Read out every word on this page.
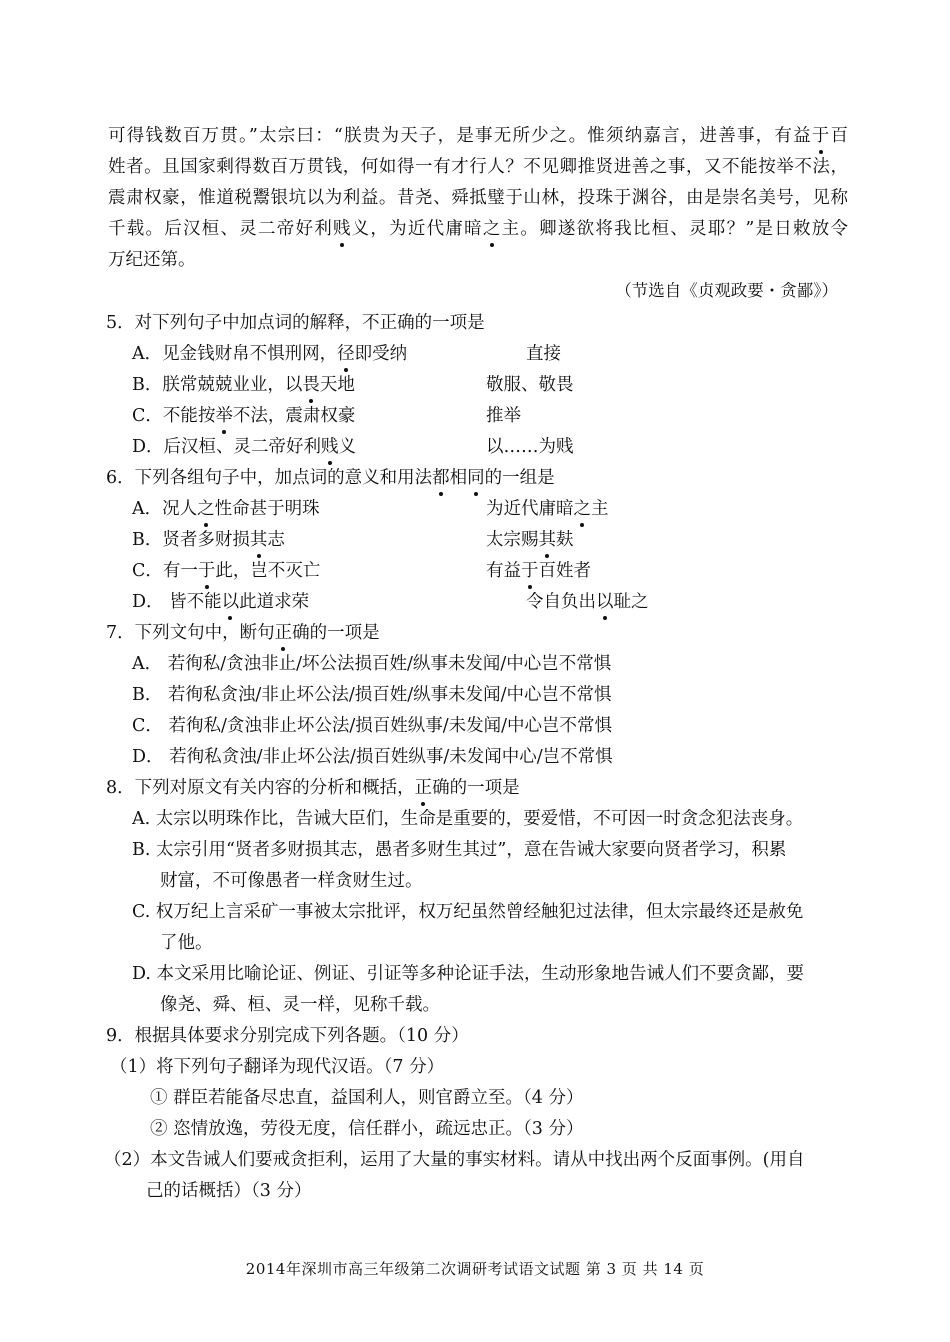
可得钱数百万贯。”太宗曰：“朕贵为天子，是事无所少之。惟须纳嘉言，进善事，有益于百
姓者。且国家剩得数百万贯钱，何如得一有才行人？不见卿推贤进善之事，又不能按举不法，
震肃权豪，惟道税鬻银坑以为利益。昔尧、舜抵璧于山林，投珠于渊谷，由是崇名美号，见称
千载。后汉桓、灵二帝好利贱义，为近代庸暗之主。卿遂欲将我比桓、灵耶？”是日敕放令
万纪还第。
（节选自《贞观政要・贪鄙》）
5．对下列句子中加点词的解释，不正确的一项是
A．见金钱财帛不惧刑网，径即受纳	直接
B．朕常兢兢业业，以畏天地	敬服、敬畏
C．不能按举不法，震肃权豪	推举
D．后汉桓、灵二帝好利贱义	以……为贱
6．下列各组句子中，加点词的意义和用法都相同的一组是
A．况人之性命甚于明珠	为近代庸暗之主
B．贤者多财损其志	太宗赐其麸
C．有一于此，岂不灭亡	有益于百姓者
D． 皆不能以此道求荣	令自负出以耻之
7．下列文句中，断句正确的一项是
A． 若徇私/贪浊非止/坏公法损百姓/纵事未发闻/中心岂不常惧
B． 若徇私贪浊/非止坏公法/损百姓/纵事未发闻/中心岂不常惧
C． 若徇私/贪浊非止坏公法/损百姓纵事/未发闻/中心岂不常惧
D． 若徇私贪浊/非止坏公法/损百姓纵事/未发闻中心/岂不常惧
8．下列对原文有关内容的分析和概括，正确的一项是
A. 太宗以明珠作比，告诫大臣们，生命是重要的，要爱惜，不可因一时贪念犯法丧身。
B. 太宗引用“贤者多财损其志，愚者多财生其过”，意在告诫大家要向贤者学习，积累
财富，不可像愚者一样贪财生过。
C. 权万纪上言采矿一事被太宗批评，权万纪虽然曾经触犯过法律，但太宗最终还是赦免
了他。
D. 本文采用比喻论证、例证、引证等多种论证手法，生动形象地告诫人们不要贪鄙，要
像尧、舜、桓、灵一样，见称千载。
9．根据具体要求分别完成下列各题。（10 分）
（1）将下列句子翻译为现代汉语。（7 分）
① 群臣若能备尽忠直，益国利人，则官爵立至。（4 分）
② 恣情放逸，劳役无度，信任群小，疏远忠正。（3 分）
（2）本文告诫人们要戒贪拒利，运用了大量的事实材料。请从中找出两个反面事例。(用自
己的话概括）（3 分）
2014年深圳市高三年级第二次调研考试语文试题 第 3 页 共 14 页
